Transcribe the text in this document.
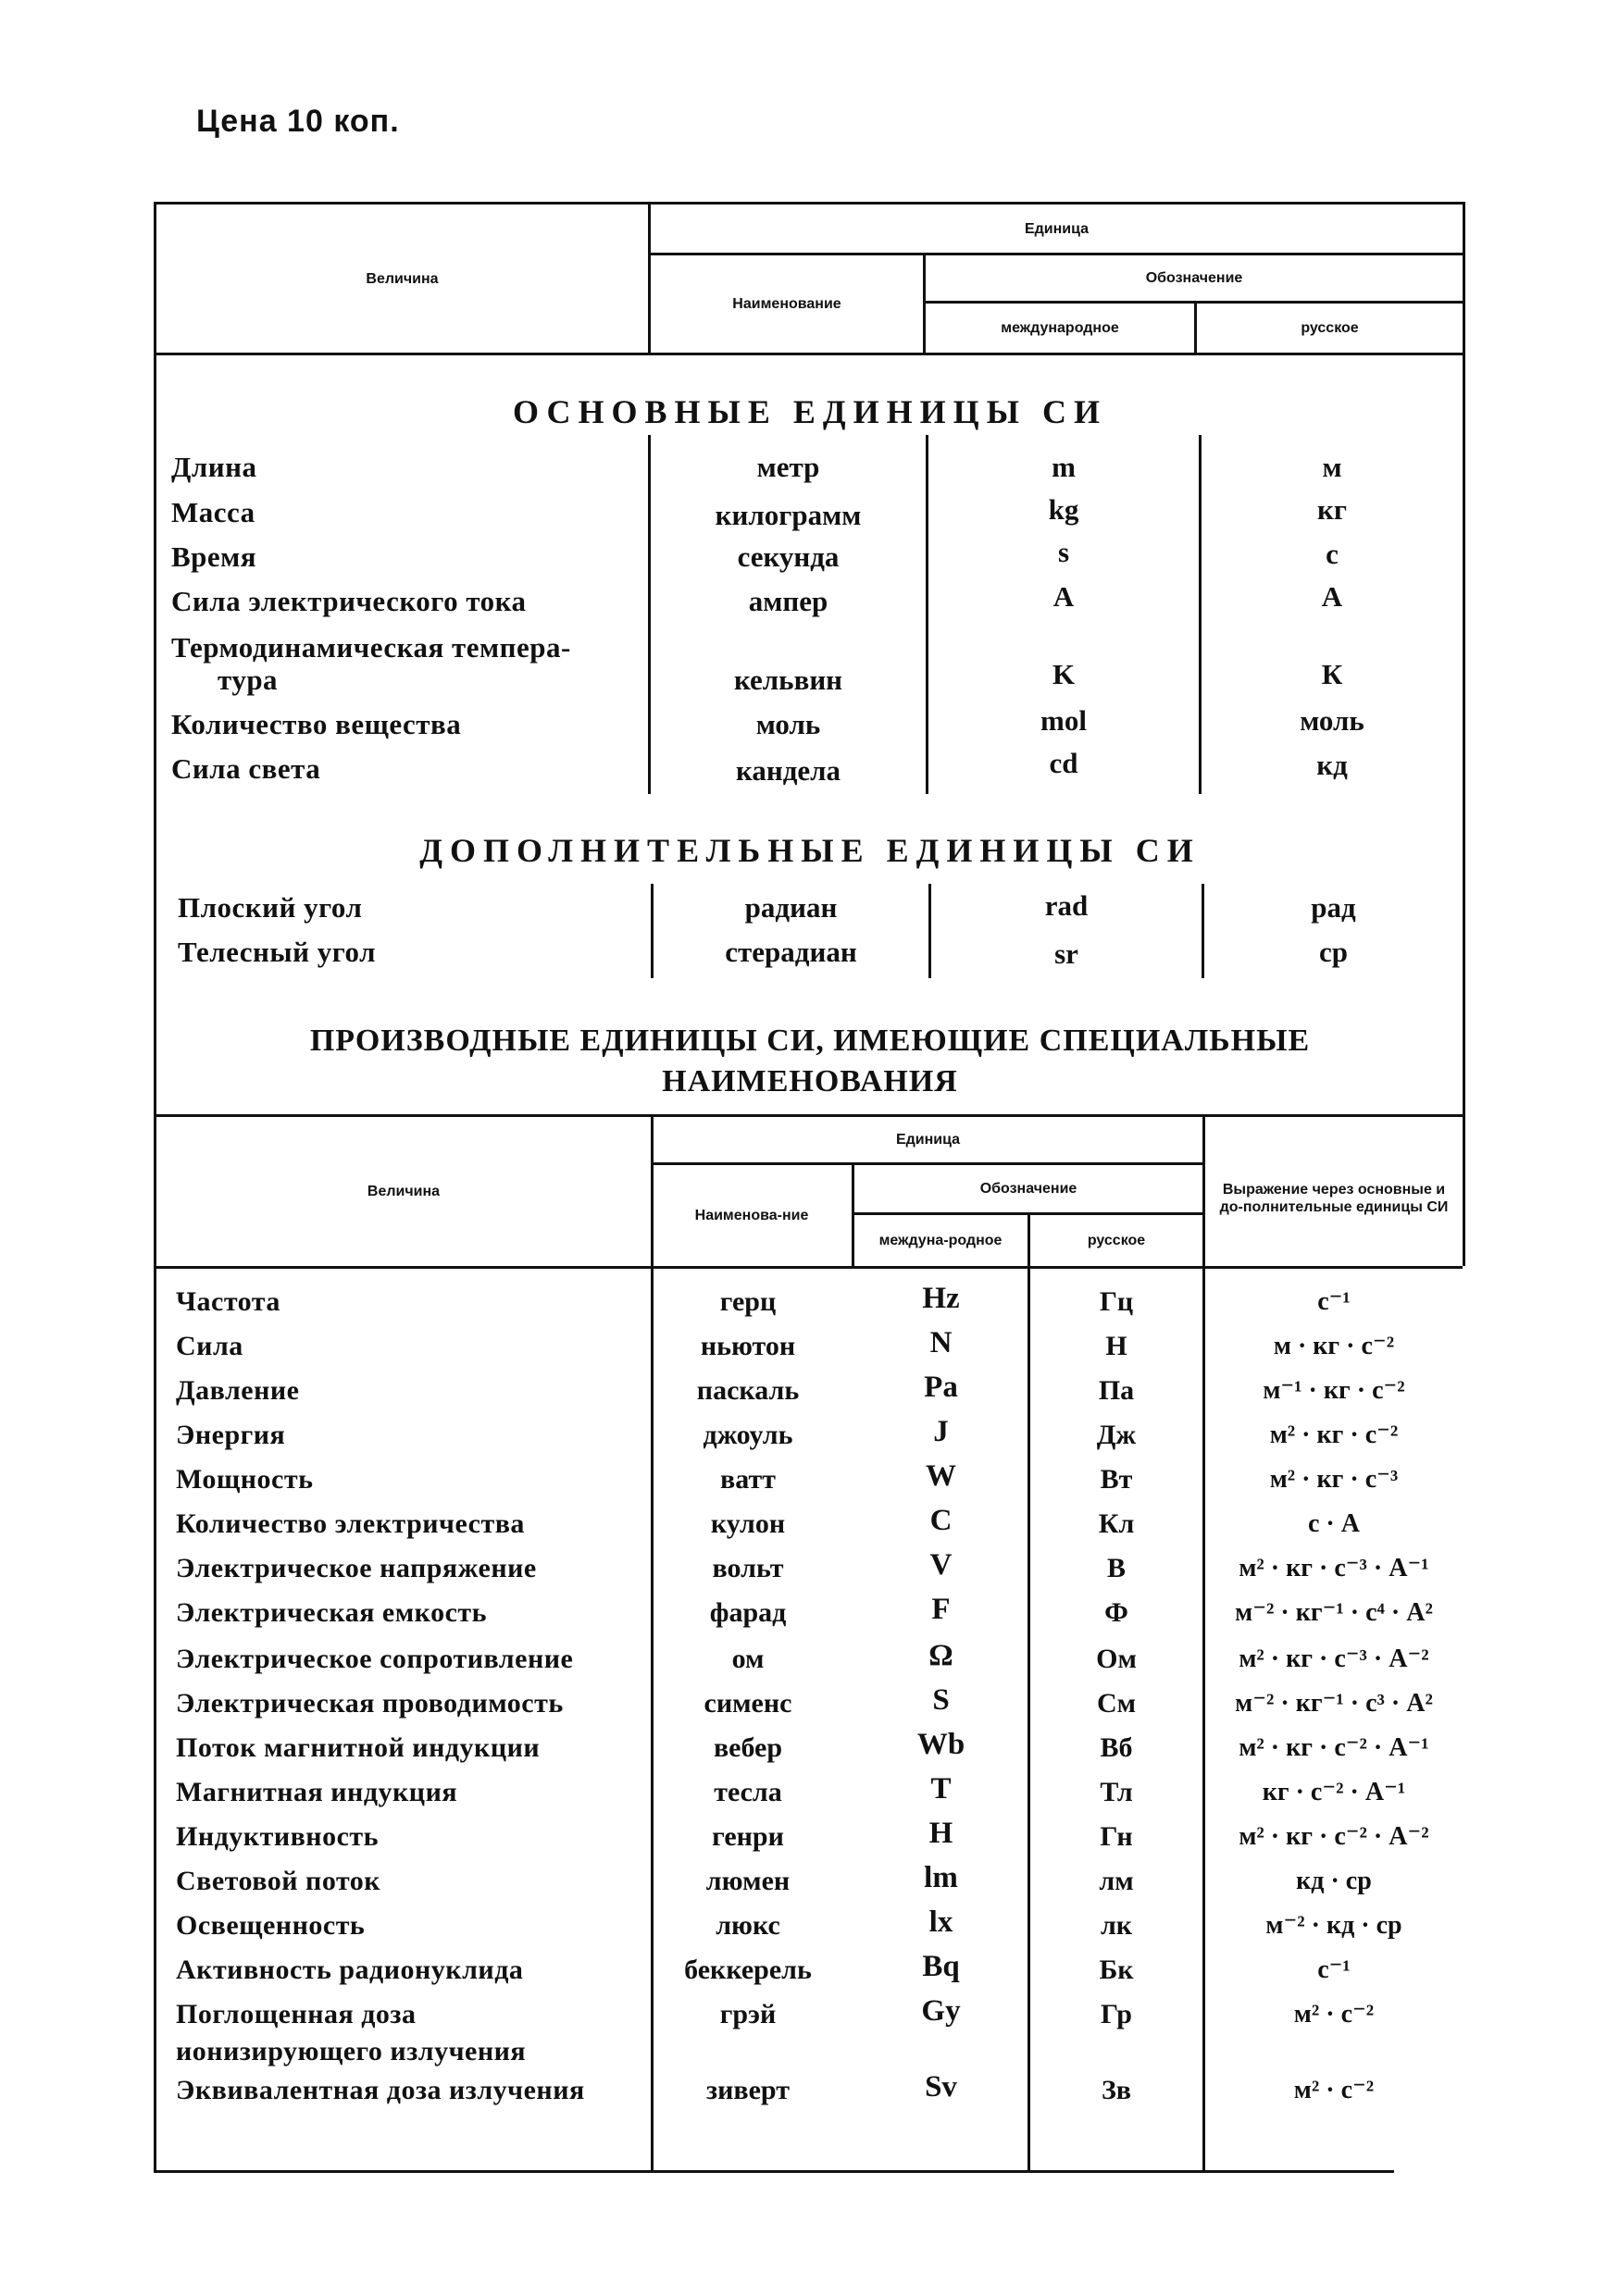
Цена 10 коп.
Величина
Единица
Наименование
Обозначение
международное	русское
ОСНОВНЫЕ ЕДИНИЦЫ СИ
Длина	метр	m	м
Масса	килограмм	kg	кг
Время	секунда	s	с
Сила электрического тока	ампер	A	А
Термодинамическая темпера-
тура	кельвин	K	К
Количество вещества	моль	mol	моль
Сила света	кандела	cd	кд
ДОПОЛНИТЕЛЬНЫЕ ЕДИНИЦЫ СИ
Плоский угол	радиан	rad	рад
Телесный угол	стерадиан	sr	ср
ПРОИЗВОДНЫЕ ЕДИНИЦЫ СИ, ИМЕЮЩИЕ СПЕЦИАЛЬНЫЕ
НАИМЕНОВАНИЯ
Величина
Единица
Наименова-ние
Обозначение
междуна-родное	русское
Выражение через основные и до-полнительные единицы СИ
Частота	герц	Hz	Гц	с⁻¹
Сила	ньютон	N	Н	м · кг · с⁻²
Давление	паскаль	Pa	Па	м⁻¹ · кг · с⁻²
Энергия	джоуль	J	Дж	м² · кг · с⁻²
Мощность	ватт	W	Вт	м² · кг · с⁻³
Количество электричества	кулон	C	Кл	с · А
Электрическое напряжение	вольт	V	В	м² · кг · с⁻³ · А⁻¹
Электрическая емкость	фарад	F	Ф	м⁻² · кг⁻¹ · с⁴ · А²
Электрическое сопротивление	ом	Ω	Ом	м² · кг · с⁻³ · А⁻²
Электрическая проводимость	сименс	S	См	м⁻² · кг⁻¹ · с³ · А²
Поток магнитной индукции	вебер	Wb	Вб	м² · кг · с⁻² · А⁻¹
Магнитная индукция	тесла	T	Тл	кг · с⁻² · А⁻¹
Индуктивность	генри	H	Гн	м² · кг · с⁻² · А⁻²
Световой поток	люмен	lm	лм	кд · ср
Освещенность	люкс	lx	лк	м⁻² · кд · ср
Активность радионуклида	беккерель	Bq	Бк	с⁻¹
Поглощенная доза
ионизирующего излучения
грэй	Gy	Гр	м² · с⁻²
Эквивалентная доза излучения	зиверт	Sv	Зв	м² · с⁻²
